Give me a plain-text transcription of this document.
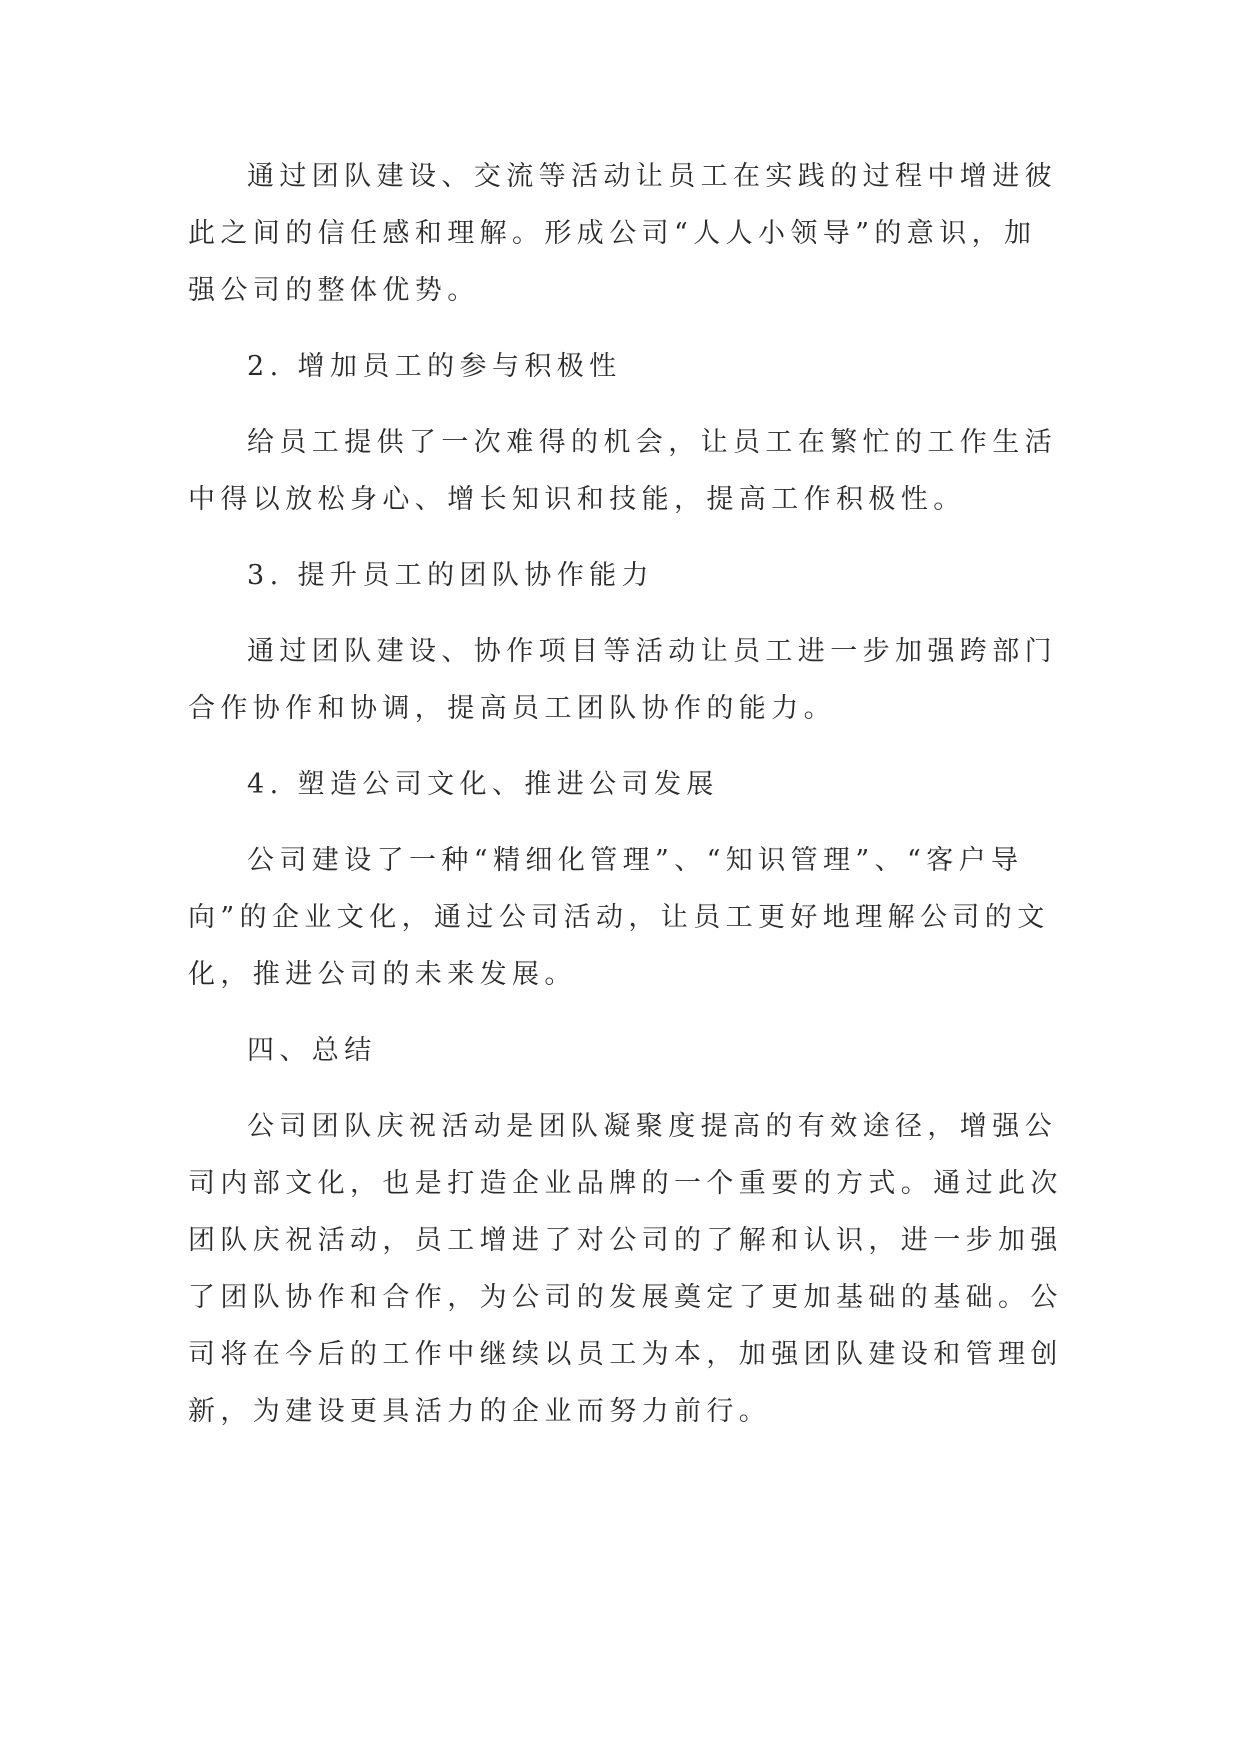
通过团队建设、交流等活动让员工在实践的过程中增进彼此之间的信任感和理解。形成公司“人人小领导”的意识，加强公司的整体优势。

2. 增加员工的参与积极性

给员工提供了一次难得的机会，让员工在繁忙的工作生活中得以放松身心、增长知识和技能，提高工作积极性。

3. 提升员工的团队协作能力

通过团队建设、协作项目等活动让员工进一步加强跨部门合作协作和协调，提高员工团队协作的能力。

4. 塑造公司文化、推进公司发展

公司建设了一种“精细化管理”、“知识管理”、“客户导向”的企业文化，通过公司活动，让员工更好地理解公司的文化，推进公司的未来发展。

四、总结

公司团队庆祝活动是团队凝聚度提高的有效途径，增强公司内部文化，也是打造企业品牌的一个重要的方式。通过此次团队庆祝活动，员工增进了对公司的了解和认识，进一步加强了团队协作和合作，为公司的发展奠定了更加基础的基础。公司将在今后的工作中继续以员工为本，加强团队建设和管理创新，为建设更具活力的企业而努力前行。
